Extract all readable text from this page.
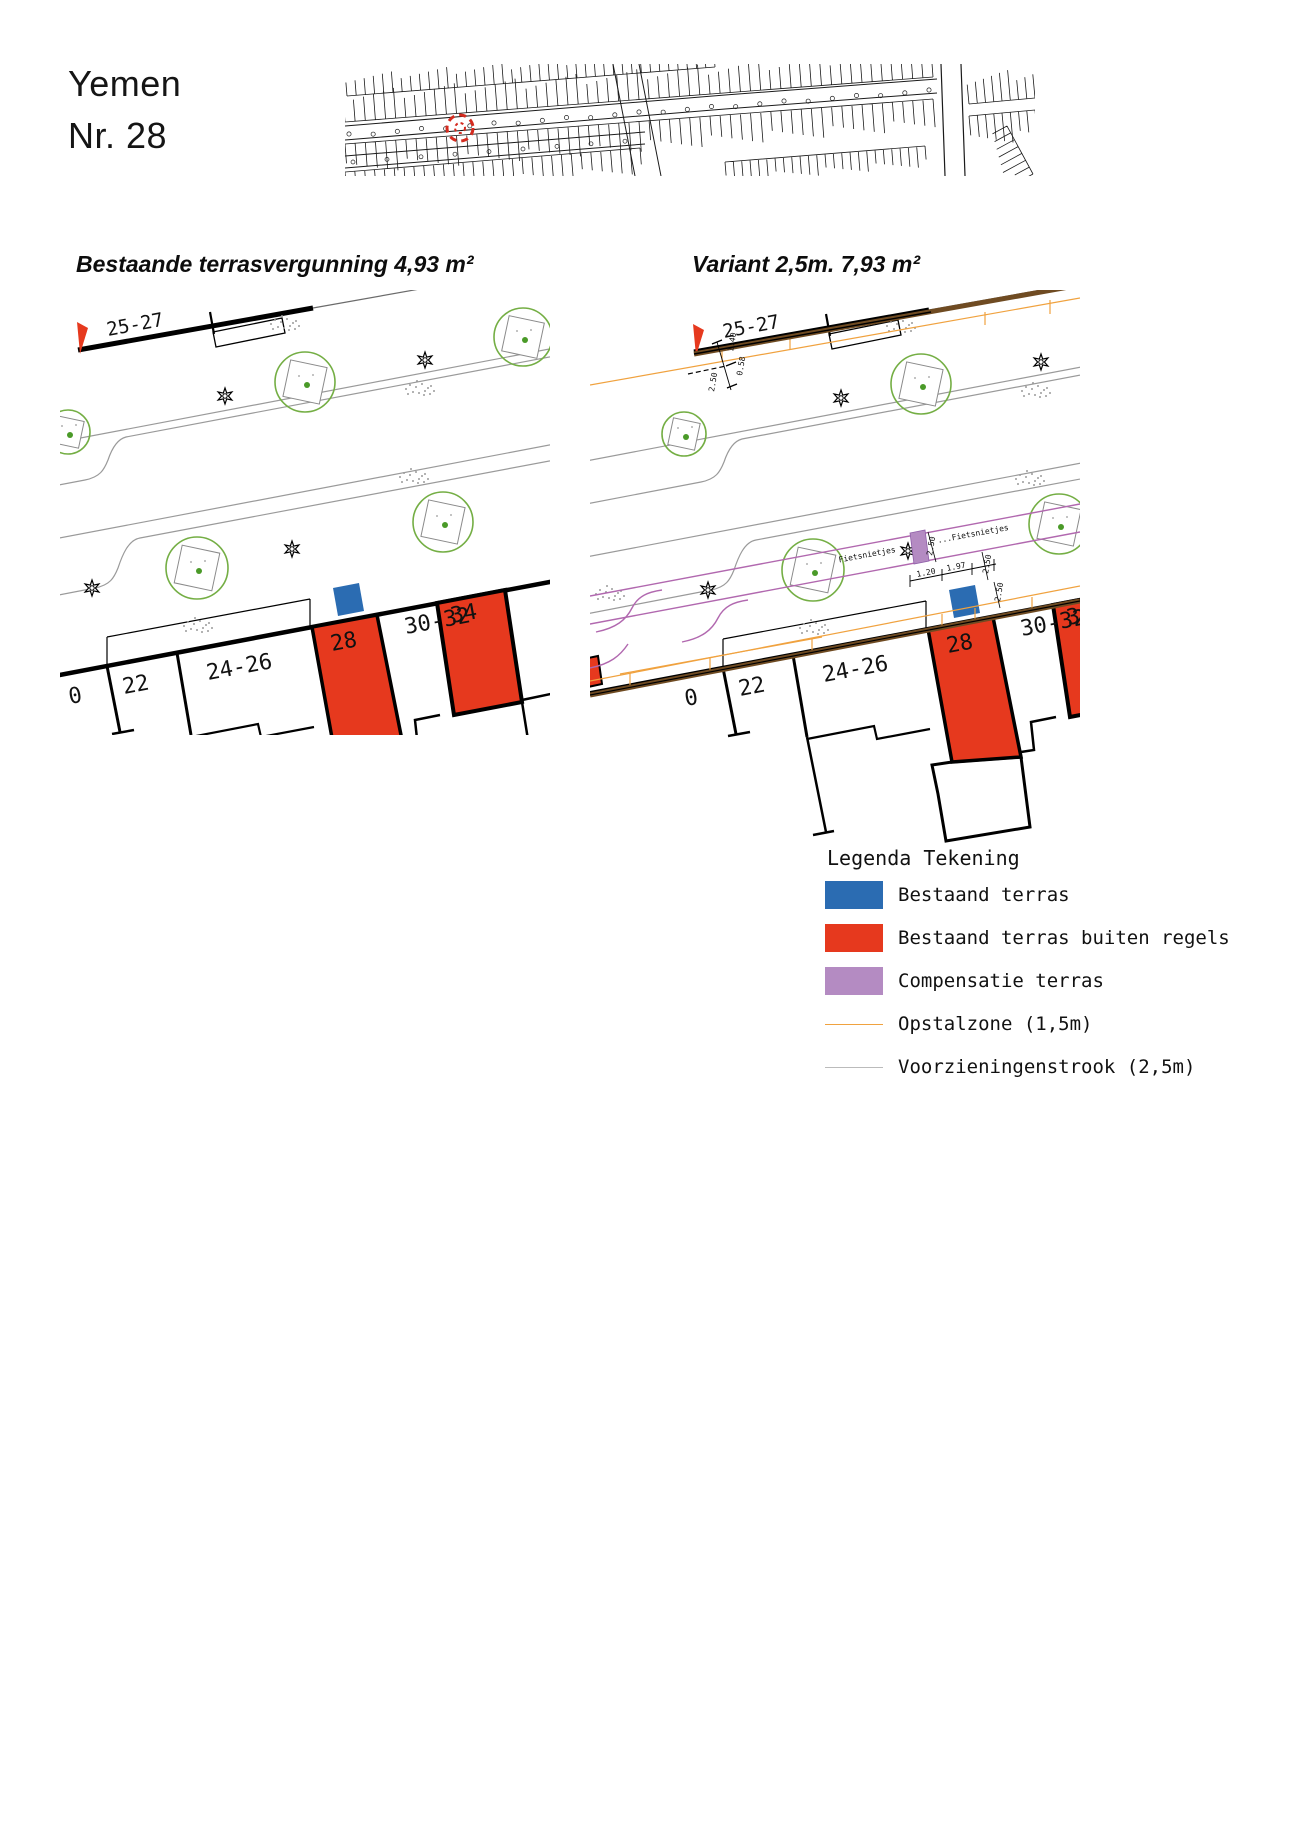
Yemen
Nr. 28
Bestaande terrasvergunning 4,93 m²	Variant 2,5m. 7,93 m²
1.40
0.58
2.50
Fietsnietjes
...Fietsnietjes
2.50
1.20 1.97 2.50
2.50
Legenda Tekening
Bestaand terras
Bestaand terras buiten regels
Compensatie terras
Opstalzone (1,5m)
Voorzieningenstrook (2,5m)
